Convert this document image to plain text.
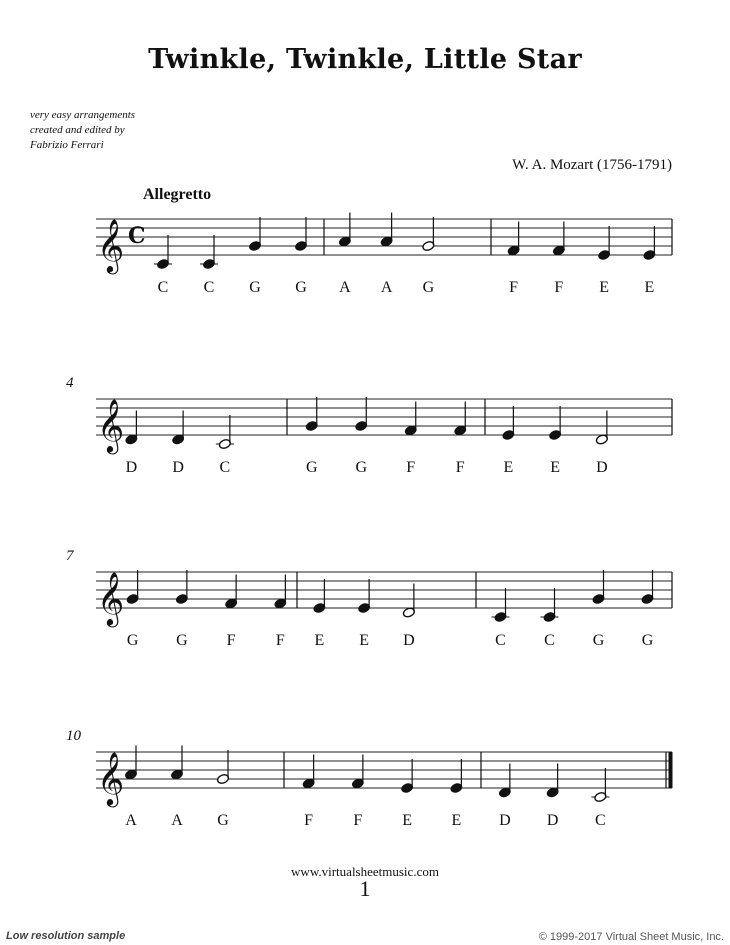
Twinkle, Twinkle, Little Star
very easy arrangements
created and edited by
Fabrizio Ferrari
W. A. Mozart (1756-1791)
Allegretto
𝄞 C
C C G G A A G	F F E E
𝄞
4
D D C	G G F	F E E D
𝄞
7
G G F	F E E D	C C G G
𝄞
10
A A G	F	F E E D D C
www.virtualsheetmusic.com
1
Low resolution sample	© 1999-2017 Virtual Sheet Music, Inc.
